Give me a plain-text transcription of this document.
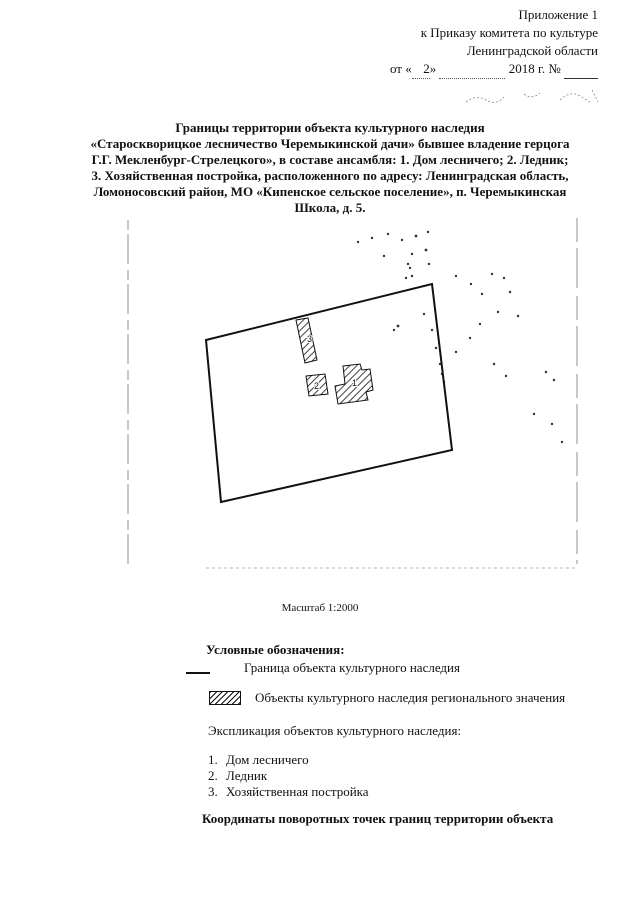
Приложение 1
к Приказу комитета по культуре
Ленинградской области
от « 2»	2018 г. №
Границы территории объекта культурного наследия
«Староскворицкое лесничество Черемыкинской дачи» бывшее владение герцога
Г.Г. Мекленбург-Стрелецкого», в составе ансамбля: 1. Дом лесничего; 2. Ледник;
3. Хозяйственная постройка, расположенного по адресу: Ленинградская область,
Ломоносовский район, МО «Кипенское сельское поселение», п. Черемыкинская
Школа, д. 5.
1
2
3
Масштаб 1:2000
Условные обозначения:
Граница объекта культурного наследия
Объекты культурного наследия регионального значения
Экспликация объектов культурного наследия:
1. Дом лесничего
2. Ледник
3. Хозяйственная постройка
Координаты поворотных точек границ территории объекта
